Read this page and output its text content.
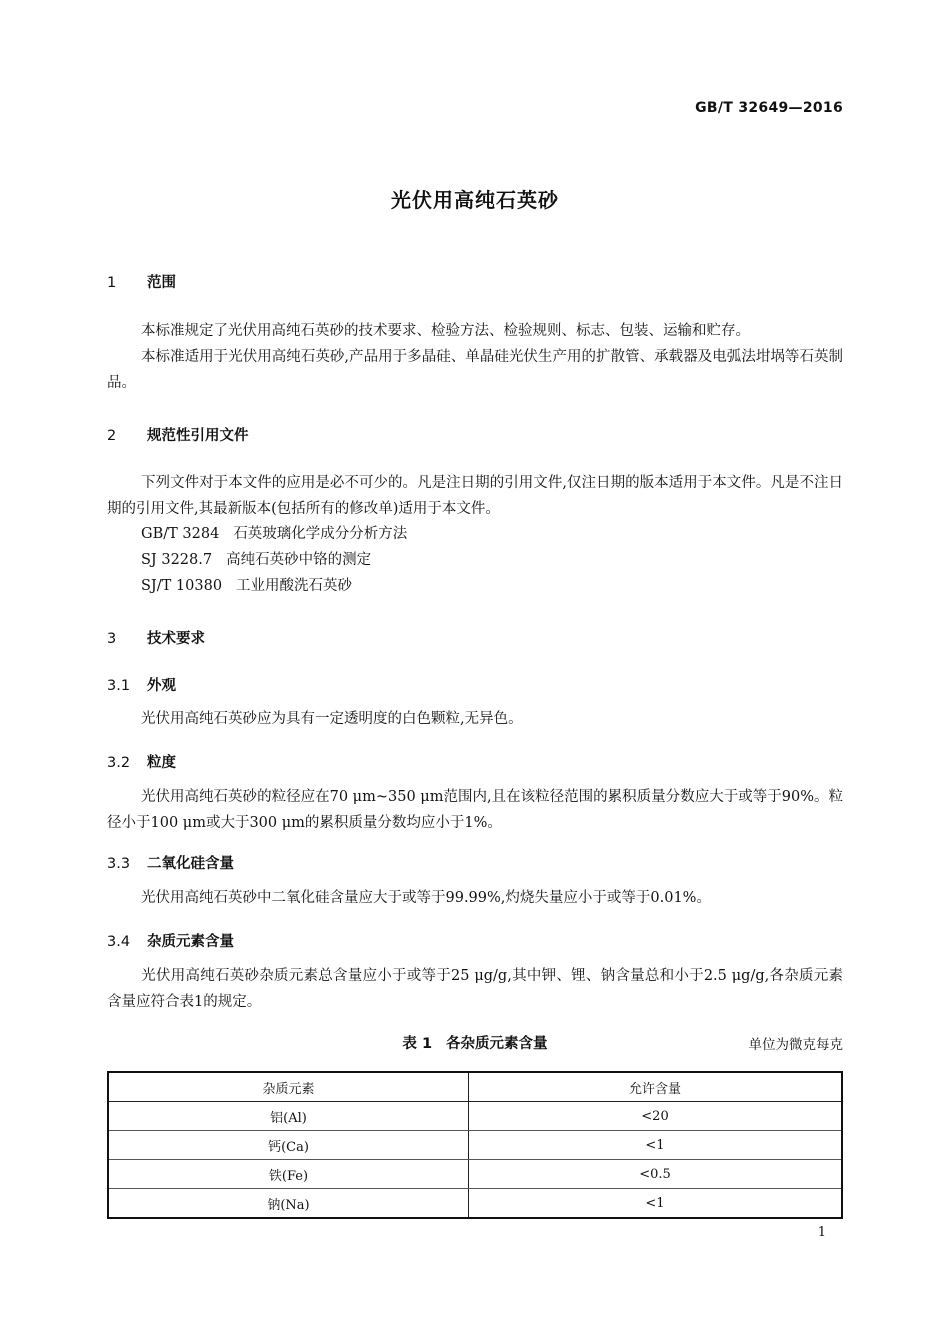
GB/T 32649—2016
光伏用高纯石英砂
1 范围
本标准规定了光伏用高纯石英砂的技术要求、检验方法、检验规则、标志、包装、运输和贮存。
本标准适用于光伏用高纯石英砂,产品用于多晶硅、单晶硅光伏生产用的扩散管、承载器及电弧法坩埚等石英制品。
2 规范性引用文件
下列文件对于本文件的应用是必不可少的。凡是注日期的引用文件,仅注日期的版本适用于本文件。凡是不注日期的引用文件,其最新版本(包括所有的修改单)适用于本文件。
GB/T 3284 石英玻璃化学成分分析方法
SJ 3228.7 高纯石英砂中铬的测定
SJ/T 10380 工业用酸洗石英砂
3 技术要求
3.1 外观
光伏用高纯石英砂应为具有一定透明度的白色颗粒,无异色。
3.2 粒度
光伏用高纯石英砂的粒径应在70 μm~350 μm范围内,且在该粒径范围的累积质量分数应大于或等于90%。粒径小于100 μm或大于300 μm的累积质量分数均应小于1%。
3.3 二氧化硅含量
光伏用高纯石英砂中二氧化硅含量应大于或等于99.99%,灼烧失量应小于或等于0.01%。
3.4 杂质元素含量
光伏用高纯石英砂杂质元素总含量应小于或等于25 μg/g,其中钾、锂、钠含量总和小于2.5 μg/g,各杂质元素含量应符合表1的规定。
表 1 各杂质元素含量	单位为微克每克
杂质元素	允许含量
铝(Al)	<20
钙(Ca)	<1
铁(Fe)	<0.5
钠(Na)	<1
1
